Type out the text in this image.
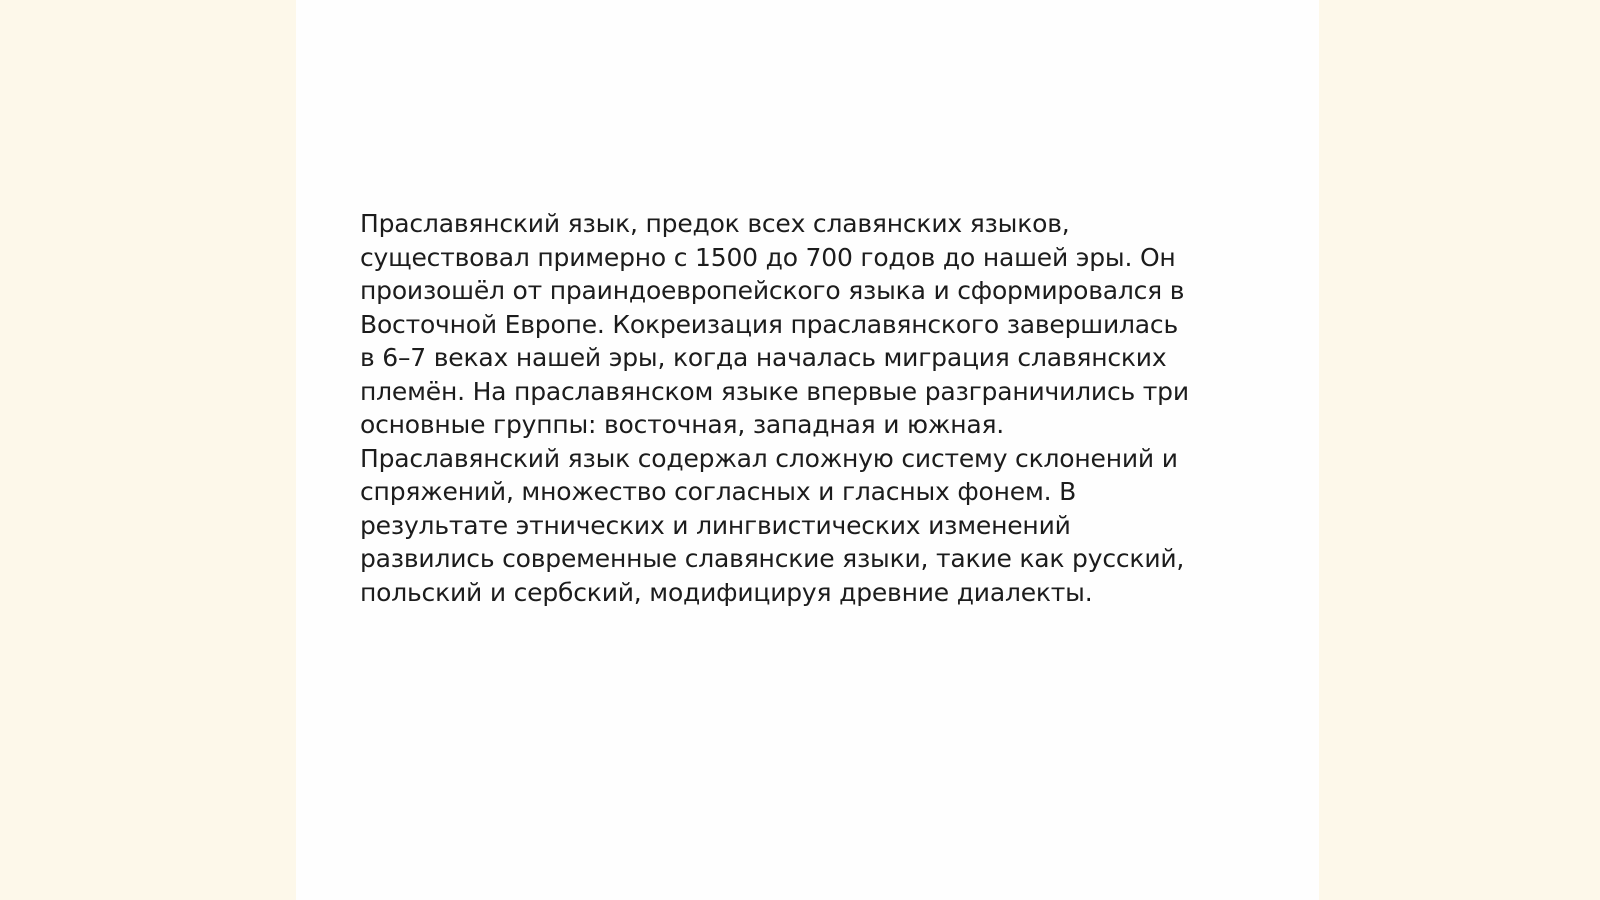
Праславянский язык, предок всех славянских языков,
существовал примерно с 1500 до 700 годов до нашей эры. Он
произошёл от праиндоевропейского языка и сформировался в
Восточной Европе. Кокреизация праславянского завершилась
в 6–7 веках нашей эры, когда началась миграция славянских
племён. На праславянском языке впервые разграничились три
основные группы: восточная, западная и южная.
Праславянский язык содержал сложную систему склонений и
спряжений, множество согласных и гласных фонем. В
результате этнических и лингвистических изменений
развились современные славянские языки, такие как русский,
польский и сербский, модифицируя древние диалекты.
